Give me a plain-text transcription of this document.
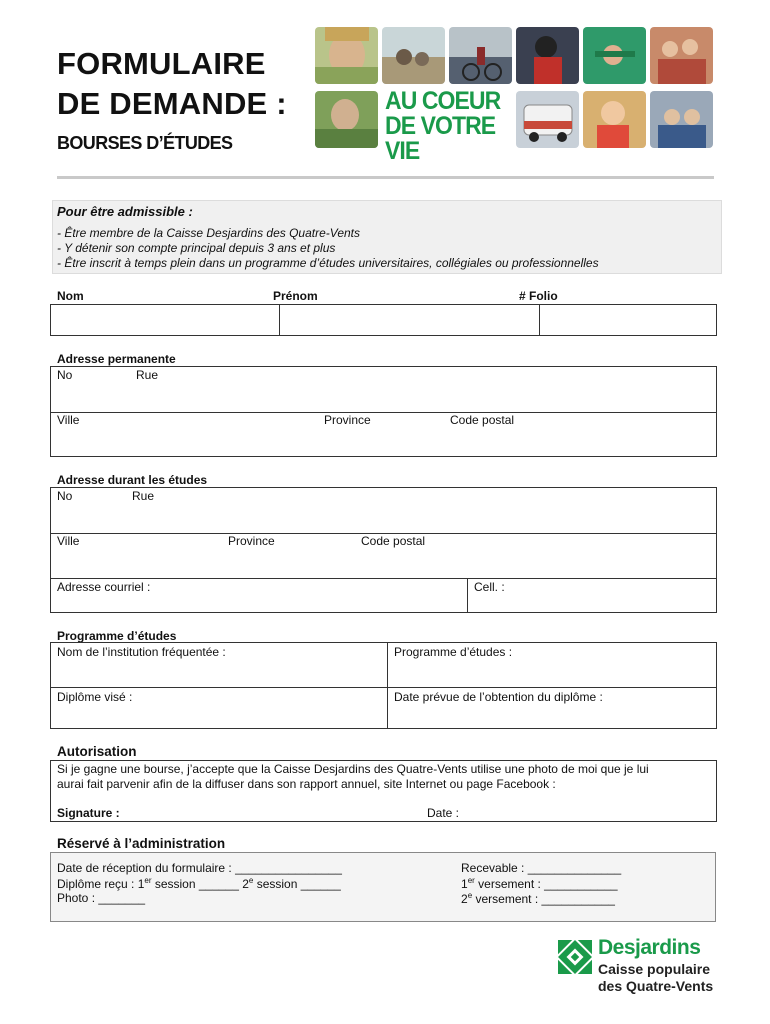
FORMULAIRE
DE DEMANDE :
BOURSES D’ÉTUDES
AU COEUR
DE VOTRE VIE
Pour être admissible :
- Être membre de la Caisse Desjardins des Quatre-Vents
- Y détenir son compte principal depuis 3 ans et plus
- Être inscrit à temps plein dans un programme d’études universitaires, collégiales ou professionnelles
Nom	Prénom	# Folio
Adresse permanente
No	Rue
Ville	Province	Code postal
Adresse durant les études
No	Rue
Ville	Province	Code postal
Adresse courriel :	Cell. :
Programme d’études
Nom de l’institution fréquentée :	Programme d’études :
Diplôme visé :	Date prévue de l’obtention du diplôme :
Autorisation
Si je gagne une bourse, j’accepte que la Caisse Desjardins des Quatre-Vents utilise une photo de moi que je lui
aurai fait parvenir afin de la diffuser dans son rapport annuel, site Internet ou page Facebook :
Signature :	Date :
Réservé à l’administration
Date de réception du formulaire : ________________
Diplôme reçu : 1er session ______ 2e session ______
Photo : _______
Recevable : ______________
1er versement : ___________
2e versement : ___________
Desjardins
Caisse populaire
des Quatre-Vents
